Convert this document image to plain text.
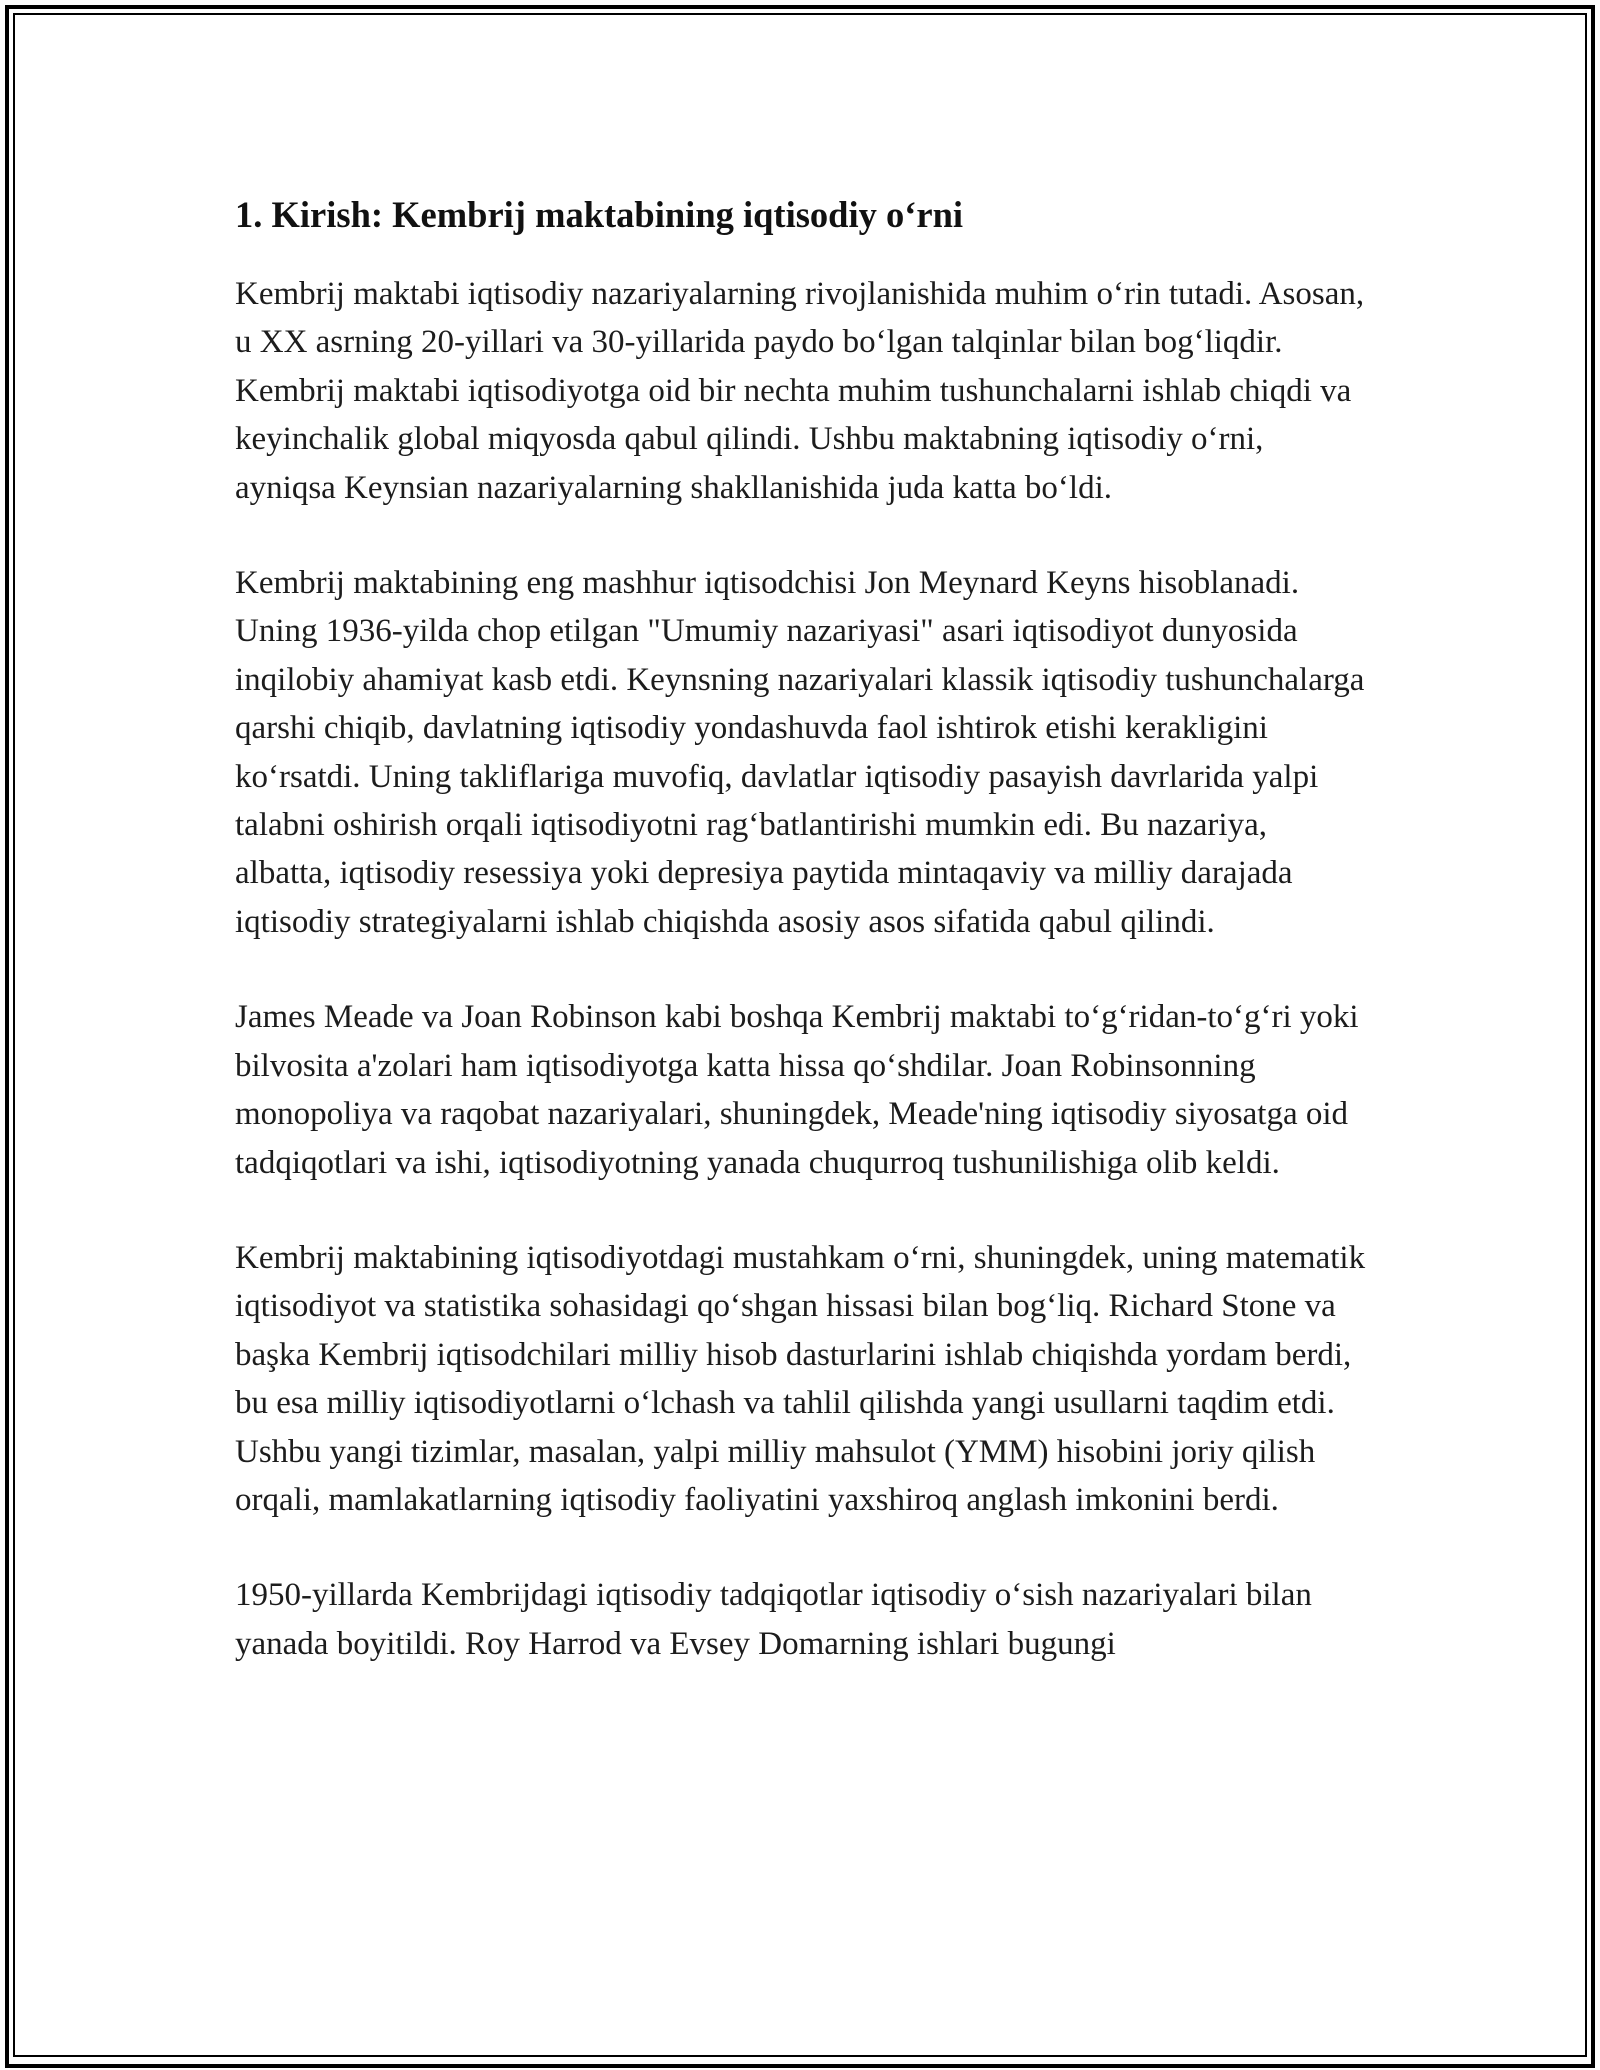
1. Kirish: Kembrij maktabining iqtisodiy o‘rni

Kembrij maktabi iqtisodiy nazariyalarning rivojlanishida muhim o‘rin tutadi. Asosan, u XX asrning 20-yillari va 30-yillarida paydo bo‘lgan talqinlar bilan bog‘liqdir. Kembrij maktabi iqtisodiyotga oid bir nechta muhim tushunchalarni ishlab chiqdi va keyinchalik global miqyosda qabul qilindi. Ushbu maktabning iqtisodiy o‘rni, ayniqsa Keynsian nazariyalarning shakllanishida juda katta bo‘ldi.

Kembrij maktabining eng mashhur iqtisodchisi Jon Meynard Keyns hisoblanadi. Uning 1936-yilda chop etilgan "Umumiy nazariyasi" asari iqtisodiyot dunyosida inqilobiy ahamiyat kasb etdi. Keynsning nazariyalari klassik iqtisodiy tushunchalarga qarshi chiqib, davlatning iqtisodiy yondashuvda faol ishtirok etishi kerakligini ko‘rsatdi. Uning takliflariga muvofiq, davlatlar iqtisodiy pasayish davrlarida yalpi talabni oshirish orqali iqtisodiyotni rag‘batlantirishi mumkin edi. Bu nazariya, albatta, iqtisodiy resessiya yoki depresiya paytida mintaqaviy va milliy darajada iqtisodiy strategiyalarni ishlab chiqishda asosiy asos sifatida qabul qilindi.

James Meade va Joan Robinson kabi boshqa Kembrij maktabi to‘g‘ridan-to‘g‘ri yoki bilvosita a'zolari ham iqtisodiyotga katta hissa qo‘shdilar. Joan Robinsonning monopoliya va raqobat nazariyalari, shuningdek, Meade'ning iqtisodiy siyosatga oid tadqiqotlari va ishi, iqtisodiyotning yanada chuqurroq tushunilishiga olib keldi.

Kembrij maktabining iqtisodiyotdagi mustahkam o‘rni, shuningdek, uning matematik iqtisodiyot va statistika sohasidagi qo‘shgan hissasi bilan bog‘liq. Richard Stone va başka Kembrij iqtisodchilari milliy hisob dasturlarini ishlab chiqishda yordam berdi, bu esa milliy iqtisodiyotlarni o‘lchash va tahlil qilishda yangi usullarni taqdim etdi. Ushbu yangi tizimlar, masalan, yalpi milliy mahsulot (YMM) hisobini joriy qilish orqali, mamlakatlarning iqtisodiy faoliyatini yaxshiroq anglash imkonini berdi.

1950-yillarda Kembrijdagi iqtisodiy tadqiqotlar iqtisodiy o‘sish nazariyalari bilan yanada boyitildi. Roy Harrod va Evsey Domarning ishlari bugungi
